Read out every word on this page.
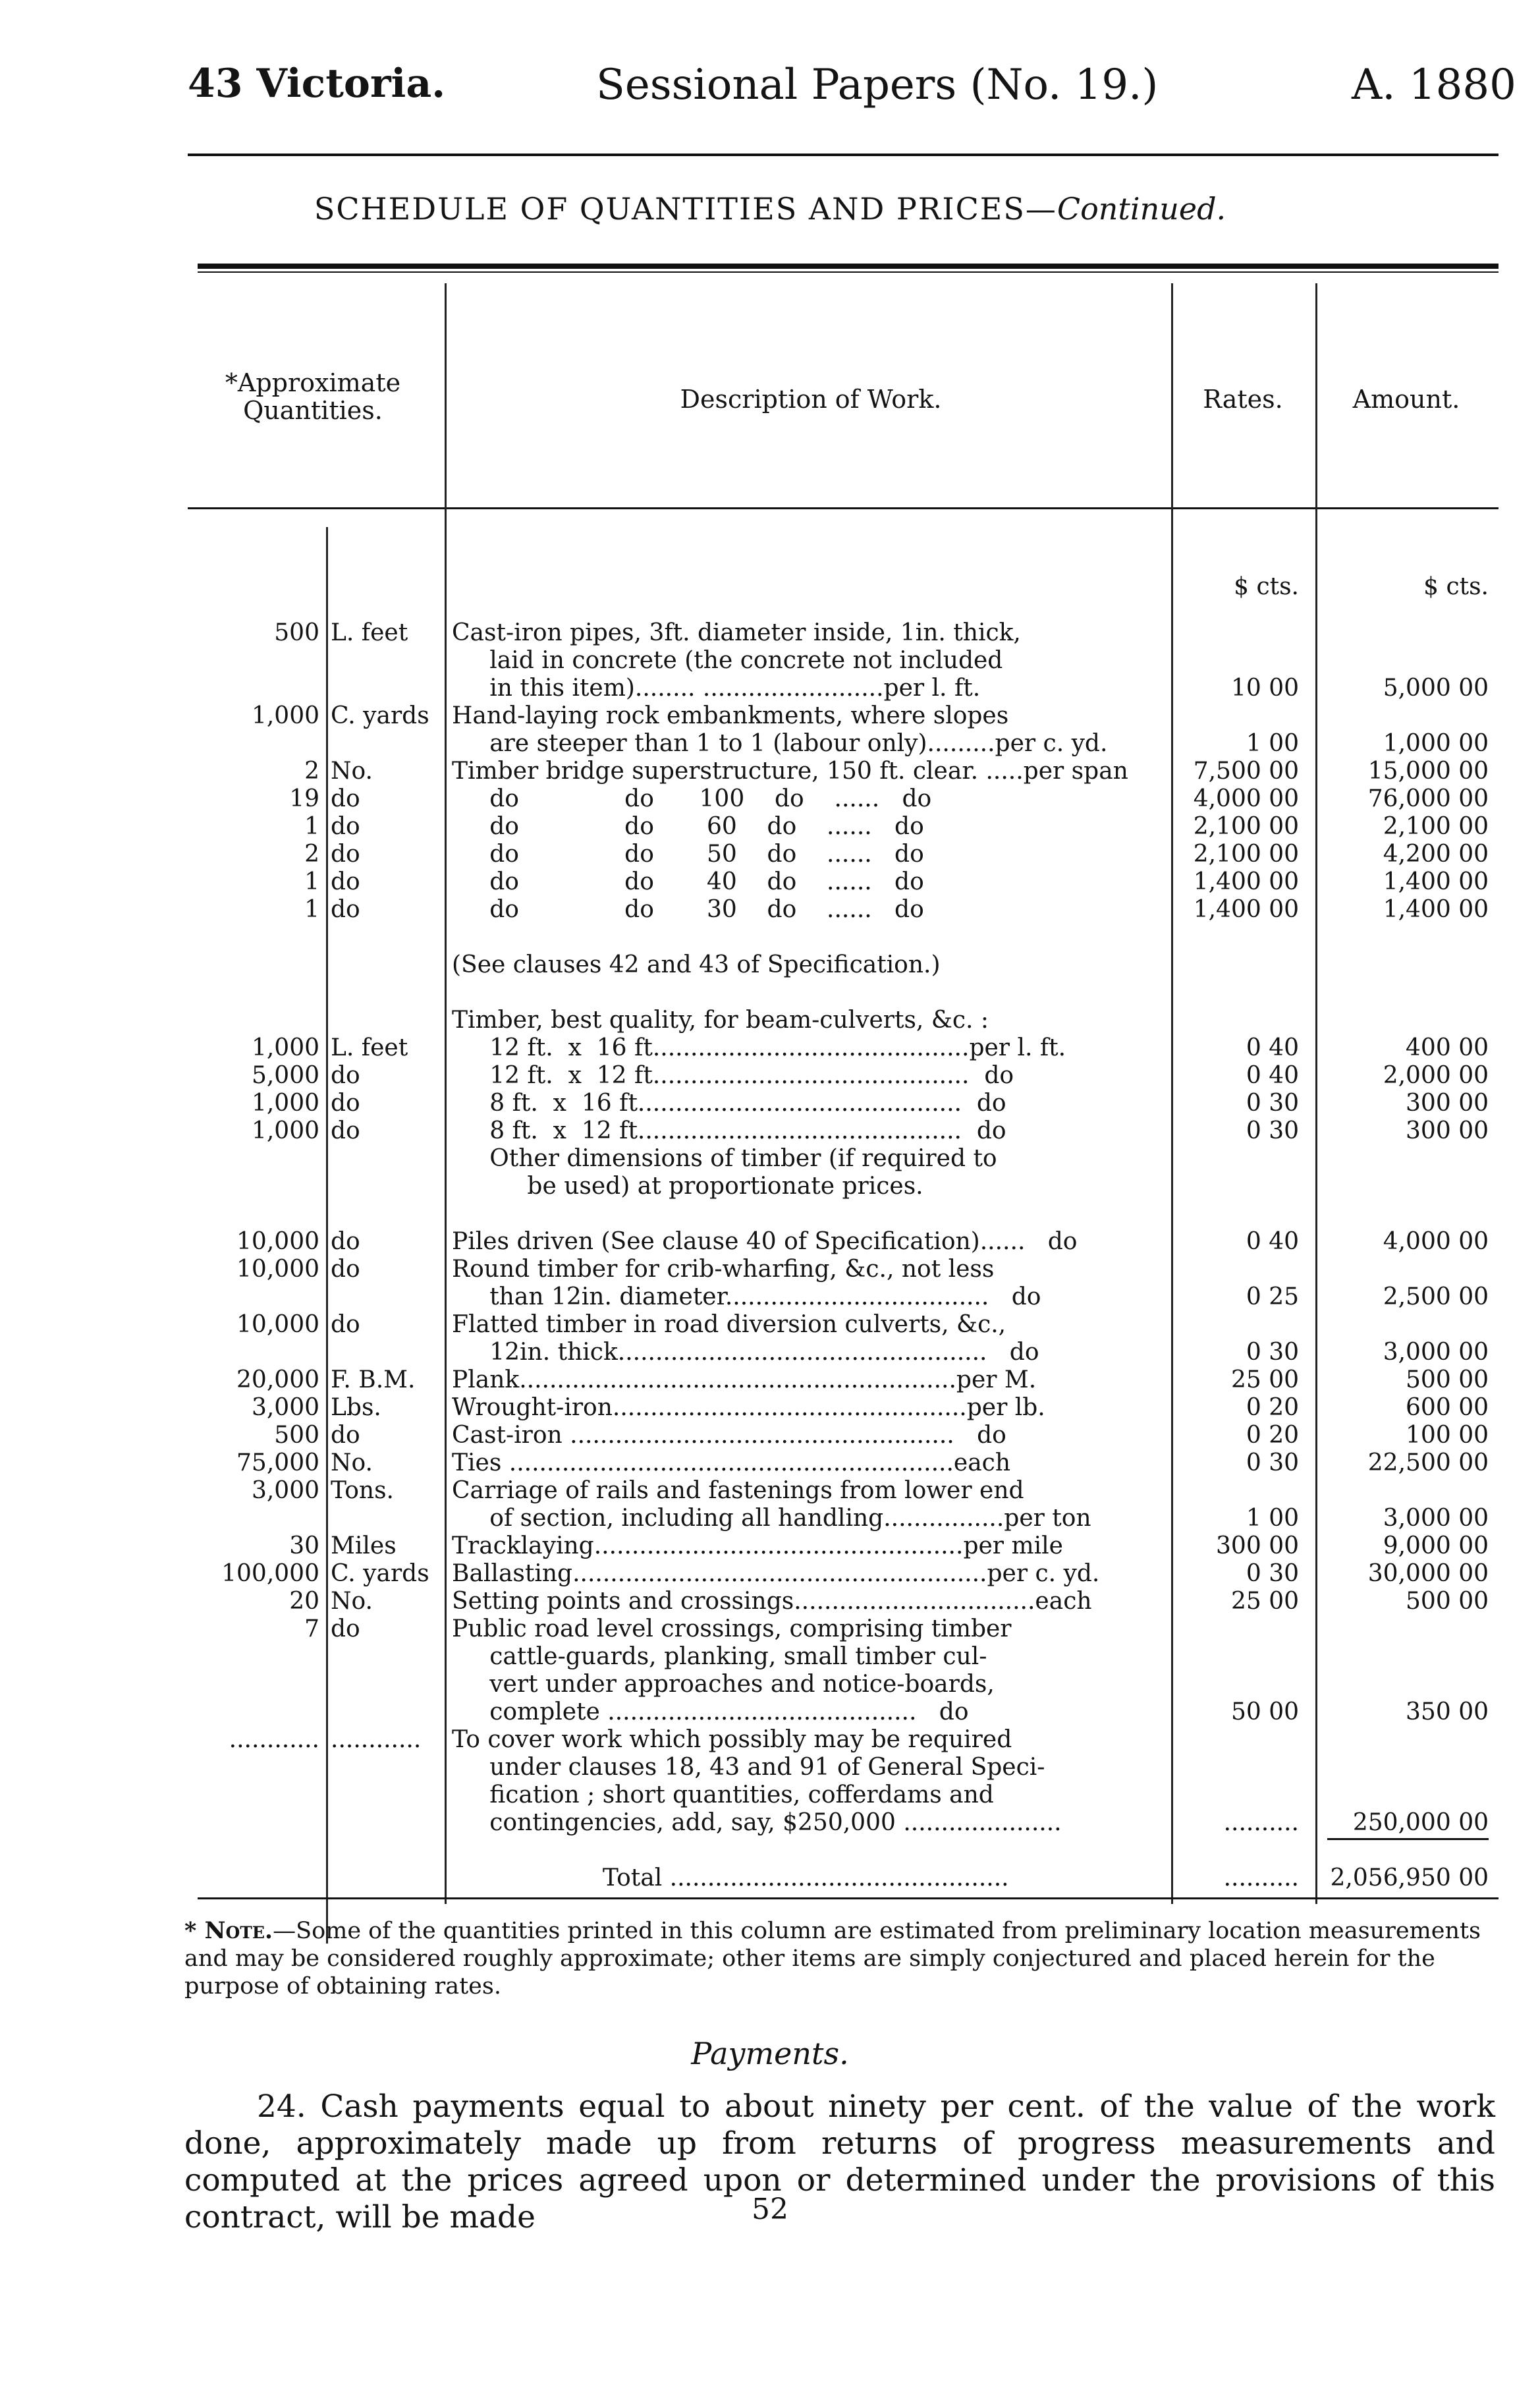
43 Victoria.	Sessional Papers (No. 19.)	A. 1880
SCHEDULE OF QUANTITIES AND PRICES—Continued.
*Approximate Quantities.	Description of Work.	Rates.	Amount.
$ cts.	$ cts.
500 L. feet	Cast-iron pipes, 3ft. diameter inside, 1in. thick,
laid in concrete (the concrete not included
in this item)........ ........................per l. ft.	10 00	5,000 00
1,000 C. yards Hand-laying rock embankments, where slopes
are steeper than 1 to 1 (labour only).........per c. yd.	1 00	1,000 00
2 No.	Timber bridge superstructure, 150 ft. clear. .....per span	7,500 00	15,000 00
19 do	do              do      100    do    ......   do	4,000 00	76,000 00
1 do	do              do       60    do    ......   do	2,100 00	2,100 00
2 do	do              do       50    do    ......   do	2,100 00	4,200 00
1 do	do              do       40    do    ......   do	1,400 00	1,400 00
1 do	do              do       30    do    ......   do	1,400 00	1,400 00
(See clauses 42 and 43 of Specification.)
Timber, best quality, for beam-culverts, &c. :
1,000 L. feet	12 ft.  x  16 ft..........................................per l. ft.	0 40	400 00
5,000 do	12 ft.  x  12 ft..........................................  do	0 40	2,000 00
1,000 do	8 ft.  x  16 ft...........................................  do	0 30	300 00
1,000 do	8 ft.  x  12 ft...........................................  do	0 30	300 00
Other dimensions of timber (if required to
be used) at proportionate prices.
10,000 do	Piles driven (See clause 40 of Specification)......   do	0 40	4,000 00
10,000 do	Round timber for crib-wharfing, &c., not less
than 12in. diameter...................................   do	0 25	2,500 00
10,000 do	Flatted timber in road diversion culverts, &c.,
12in. thick.................................................   do	0 30	3,000 00
20,000 F. B.M.	Plank..........................................................per M.	25 00	500 00
3,000 Lbs.	Wrought-iron...............................................per lb.	0 20	600 00
500 do	Cast-iron ...................................................   do	0 20	100 00
75,000 No.	Ties ...........................................................each	0 30	22,500 00
3,000 Tons.	Carriage of rails and fastenings from lower end
of section, including all handling................per ton	1 00	3,000 00
30 Miles	Tracklaying.................................................per mile	300 00	9,000 00
100,000 C. yards Ballasting.......................................................per c. yd.	0 30	30,000 00
20 No.	Setting points and crossings................................each	25 00	500 00
7 do	Public road level crossings, comprising timber
cattle-guards, planking, small timber cul-
vert under approaches and notice-boards,
complete .........................................   do	50 00	350 00
............ ............	To cover work which possibly may be required
under clauses 18, 43 and 91 of General Speci-
fication ; short quantities, cofferdams and
contingencies, add, say, $250,000 .....................	..........	250,000 00
Total .............................................	..........	2,056,950 00
* Note.—Some of the quantities printed in this column are estimated from preliminary location measurements and may be considered roughly approximate; other items are simply conjectured and placed herein for the purpose of obtaining rates.
Payments.
24. Cash payments equal to about ninety per cent. of the value of the work done, approximately made up from returns of progress measurements and computed at the prices agreed upon or determined under the provisions of this contract, will be made	52
